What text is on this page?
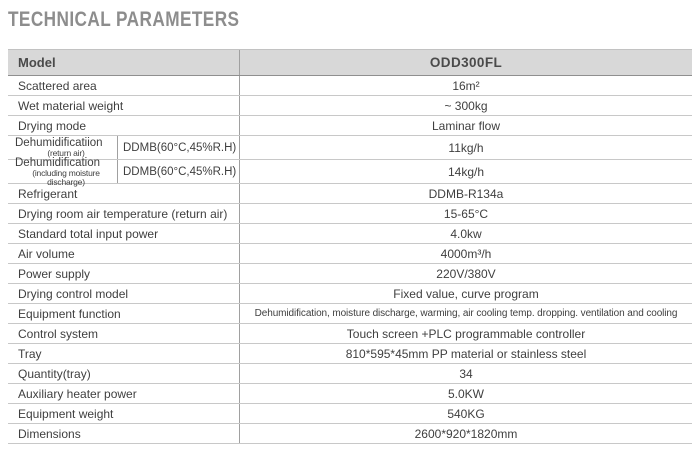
TECHNICAL PARAMETERS
Model	ODD300FL
Scattered area	16m²
Wet material weight	~ 300kg
Drying mode	Laminar flow
Dehumidificatiion
(return air)	DDMB(60°C,45%R.H)	11kg/h
Dehumidification
(including moisture discharge)
DDMB(60°C,45%R.H)	14kg/h
Refrigerant	DDMB-R134a
Drying room air temperature (return air)	15-65°C
Standard total input power	4.0kw
Air volume	4000m³/h
Power supply	220V/380V
Drying control model	Fixed value, curve program
Equipment function	Dehumidification, moisture discharge, warming, air cooling temp. dropping. ventilation and cooling
Control system	Touch screen +PLC programmable controller
Tray	810*595*45mm PP material or stainless steel
Quantity(tray)	34
Auxiliary heater power	5.0KW
Equipment weight	540KG
Dimensions	2600*920*1820mm
